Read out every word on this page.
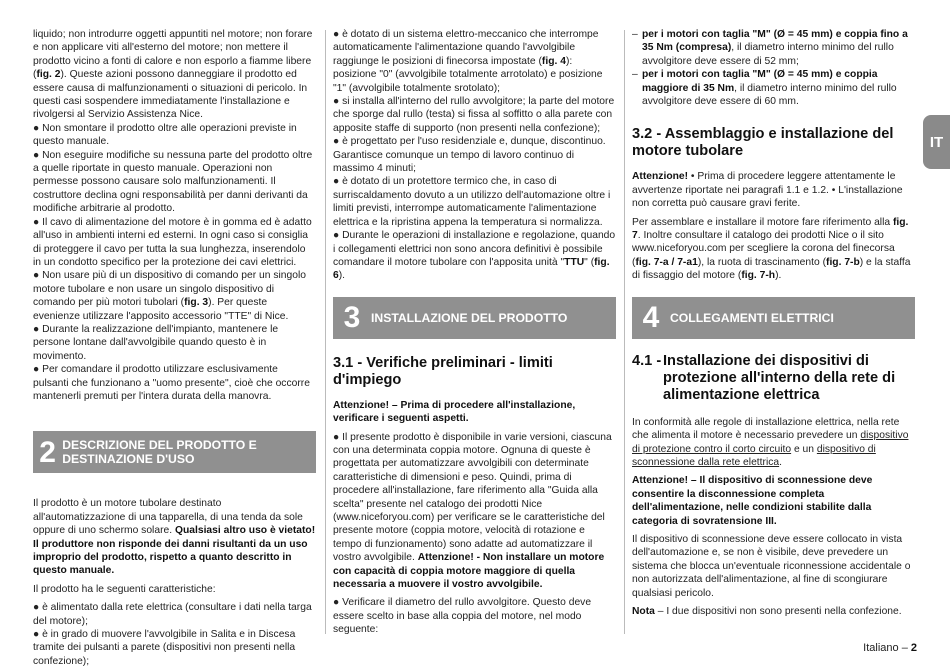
liquido; non introdurre oggetti appuntiti nel motore; non forare e non applicare viti all'esterno del motore; non mettere il prodotto vicino a fonti di calore e non esporlo a fiamme libere (fig. 2). Queste azioni possono danneggiare il prodotto ed essere causa di malfunzionamenti o situazioni di pericolo. In questi casi sospendere immediatamente l'installazione e rivolgersi al Servizio Assistenza Nice.

● Non smontare il prodotto oltre alle operazioni previste in questo manuale.

● Non eseguire modifiche su nessuna parte del prodotto oltre a quelle riportate in questo manuale. Operazioni non permesse possono causare solo malfunzionamenti. Il costruttore declina ogni responsabilità per danni derivanti da modifiche arbitrarie al prodotto.

● Il cavo di alimentazione del motore è in gomma ed è adatto all'uso in ambienti interni ed esterni. In ogni caso si consiglia di proteggere il cavo per tutta la sua lunghezza, inserendolo in un condotto specifico per la protezione dei cavi elettrici.

● Non usare più di un dispositivo di comando per un singolo motore tubolare e non usare un singolo dispositivo di comando per più motori tubolari (fig. 3). Per queste evenienze utilizzare l'apposito accessorio "TTE" di Nice.

● Durante la realizzazione dell'impianto, mantenere le persone lontane dall'avvolgibile quando questo è in movimento.

● Per comandare il prodotto utilizzare esclusivamente pulsanti che funzionano a "uomo presente", cioè che occorre mantenerli premuti per l'intera durata della manovra.

2 DESCRIZIONE DEL PRODOTTO E DESTINAZIONE D'USO

Il prodotto è un motore tubolare destinato all'automatizzazione di una tapparella, di una tenda da sole oppure di uno schermo solare. Qualsiasi altro uso è vietato! Il produttore non risponde dei danni risultanti da un uso improprio del prodotto, rispetto a quanto descritto in questo manuale.

Il prodotto ha le seguenti caratteristiche:

● è alimentato dalla rete elettrica (consultare i dati nella targa del motore);

● è in grado di muovere l'avvolgibile in Salita e in Discesa tramite dei pulsanti a parete (dispositivi non presenti nella confezione);

● è dotato di un sistema elettro-meccanico che interrompe automaticamente l'alimentazione quando l'avvolgibile raggiunge le posizioni di finecorsa impostate (fig. 4): posizione "0" (avvolgibile totalmente arrotolato) e posizione "1" (avvolgibile totalmente srotolato);

● si installa all'interno del rullo avvolgitore; la parte del motore che sporge dal rullo (testa) si fissa al soffitto o alla parete con apposite staffe di supporto (non presenti nella confezione);

● è progettato per l'uso residenziale e, dunque, discontinuo. Garantisce comunque un tempo di lavoro continuo di massimo 4 minuti;

● è dotato di un protettore termico che, in caso di surriscaldamento dovuto a un utilizzo dell'automazione oltre i limiti previsti, interrompe automaticamente l'alimentazione elettrica e la ripristina appena la temperatura si normalizza.

● Durante le operazioni di installazione e regolazione, quando i collegamenti elettrici non sono ancora definitivi è possibile comandare il motore tubolare con l'apposita unità "TTU" (fig. 6).

3 INSTALLAZIONE DEL PRODOTTO
3.1 - Verifiche preliminari - limiti d'impiego

Attenzione! – Prima di procedere all'installazione, verificare i seguenti aspetti.

● Il presente prodotto è disponibile in varie versioni, ciascuna con una determinata coppia motore. Ognuna di queste è progettata per automatizzare avvolgibili con determinate caratteristiche di dimensioni e peso. Quindi, prima di procedere all'installazione, fare riferimento alla "Guida alla scelta" presente nel catalogo dei prodotti Nice (www.niceforyou.com) per verificare se le caratteristiche del presente motore (coppia motore, velocità di rotazione e tempo di funzionamento) sono adatte ad automatizzare il vostro avvolgibile. Attenzione! - Non installare un motore con capacità di coppia motore maggiore di quella necessaria a muovere il vostro avvolgibile.

● Verificare il diametro del rullo avvolgitore. Questo deve essere scelto in base alla coppia del motore, nel modo seguente:

– per i motori con taglia "M" (Ø = 45 mm) e coppia fino a 35 Nm (compresa), il diametro interno minimo del rullo avvolgitore deve essere di 52 mm;
– per i motori con taglia "M" (Ø = 45 mm) e coppia maggiore di 35 Nm, il diametro interno minimo del rullo avvolgitore deve essere di 60 mm.
3.2 - Assemblaggio e installazione del motore tubolare

Attenzione! • Prima di procedere leggere attentamente le avvertenze riportate nei paragrafi 1.1 e 1.2. • L'installazione non corretta può causare gravi ferite.

Per assemblare e installare il motore fare riferimento alla fig. 7. Inoltre consultare il catalogo dei prodotti Nice o il sito www.niceforyou.com per scegliere la corona del finecorsa (fig. 7-a / 7-a1), la ruota di trascinamento (fig. 7-b) e la staffa di fissaggio del motore (fig. 7-h).

4 COLLEGAMENTI ELETTRICI
4.1 - Installazione dei dispositivi di protezione all'interno della rete di alimentazione elettrica

In conformità alle regole di installazione elettrica, nella rete che alimenta il motore è necessario prevedere un dispositivo di protezione contro il corto circuito e un dispositivo di sconnessione dalla rete elettrica.

Attenzione! – Il dispositivo di sconnessione deve consentire la disconnessione completa dell'alimentazione, nelle condizioni stabilite dalla categoria di sovratensione III.

Il dispositivo di sconnessione deve essere collocato in vista dell'automazione e, se non è visibile, deve prevedere un sistema che blocca un'eventuale riconnessione accidentale o non autorizzata dell'alimentazione, al fine di scongiurare qualsiasi pericolo.

Nota – I due dispositivi non sono presenti nella confezione.

IT
Italiano – 2
